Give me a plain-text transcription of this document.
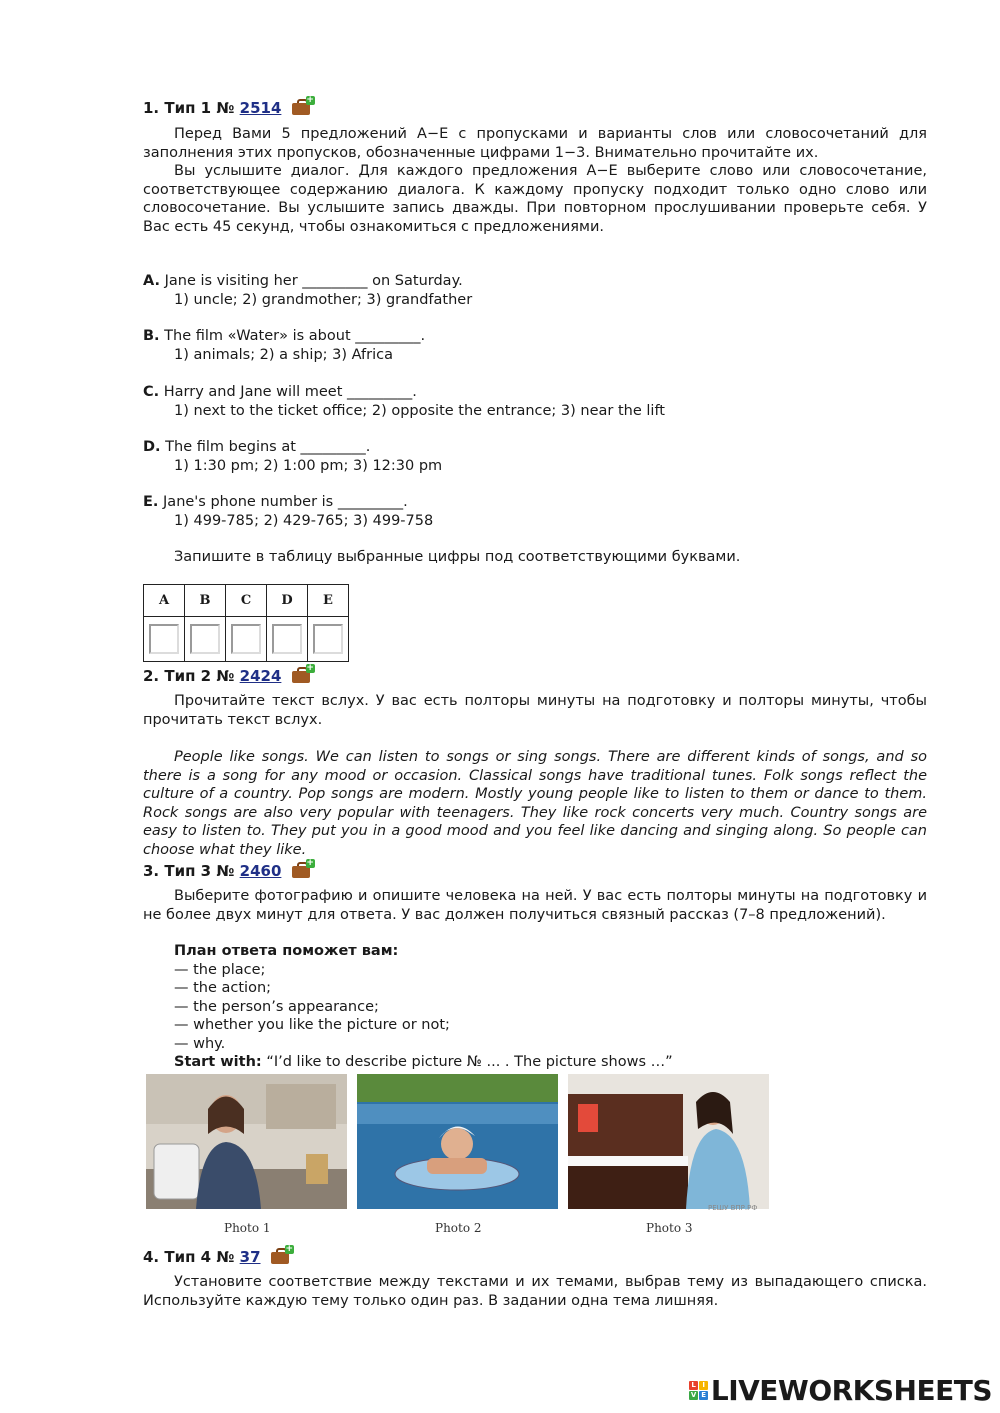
1. Тип 1 № 2514	+

Перед Вами 5 предложений А−Е с пропусками и варианты слов или словосочетаний для заполнения этих пропусков, обозначенные цифрами 1−3. Внимательно прочитайте их.

Вы услышите диалог. Для каждого предложения А−Е выберите слово или словосочетание, соответствующее содержанию диалога. К каждому пропуску подходит только одно слово или словосочетание. Вы услышите запись дважды. При повторном прослушивании проверьте себя. У Вас есть 45 секунд, чтобы ознакомиться с предложениями.

A. Jane is visiting her _________ on Saturday.
1) uncle; 2) grandmother; 3) grandfather
B. The film «Water» is about _________.
1) animals; 2) a ship; 3) Africa
C. Harry and Jane will meet _________.
1) next to the ticket office; 2) opposite the entrance; 3) near the lift
D. The film begins at _________.
1) 1:30 pm; 2) 1:00 pm; 3) 12:30 pm
E. Jane's phone number is _________.
1) 499-785; 2) 429-765; 3) 499-758
Запишите в таблицу выбранные цифры под соответствующими буквами.
A	B	C	D	E

2. Тип 2 № 2424	+

Прочитайте текст вслух. У вас есть полторы минуты на подготовку и полторы минуты, чтобы прочитать текст вслух.

People like songs. We can listen to songs or sing songs. There are different kinds of songs, and so there is a song for any mood or occasion. Classical songs have traditional tunes. Folk songs reflect the culture of a country. Pop songs are modern. Mostly young people like to listen to them or dance to them. Rock songs are also very popular with teenagers. They like rock concerts very much. Country songs are easy to listen to. They put you in a good mood and you feel like dancing and singing along. So people can choose what they like.

3. Тип 3 № 2460	+

Выберите фотографию и опишите человека на ней. У вас есть полторы минуты на подготовку и не более двух минут для ответа. У вас должен получиться связный рассказ (7–8 предложений).

План ответа поможет вам:
— the place;
— the action;
— the person’s appearance;
— whether you like the picture or not;
— why.
Start with: “I’d like to describe picture № ... . The picture shows …”
РЕШУ ВПР.РФ
Photo 1	Photo 2	Photo 3
4. Тип 4 № 37	+

Установите соответствие между текстами и их темами, выбрав тему из выпадающего списка. Используйте каждую тему только один раз. В задании одна тема лишняя.

L I
V E LIVEWORKSHEETS
